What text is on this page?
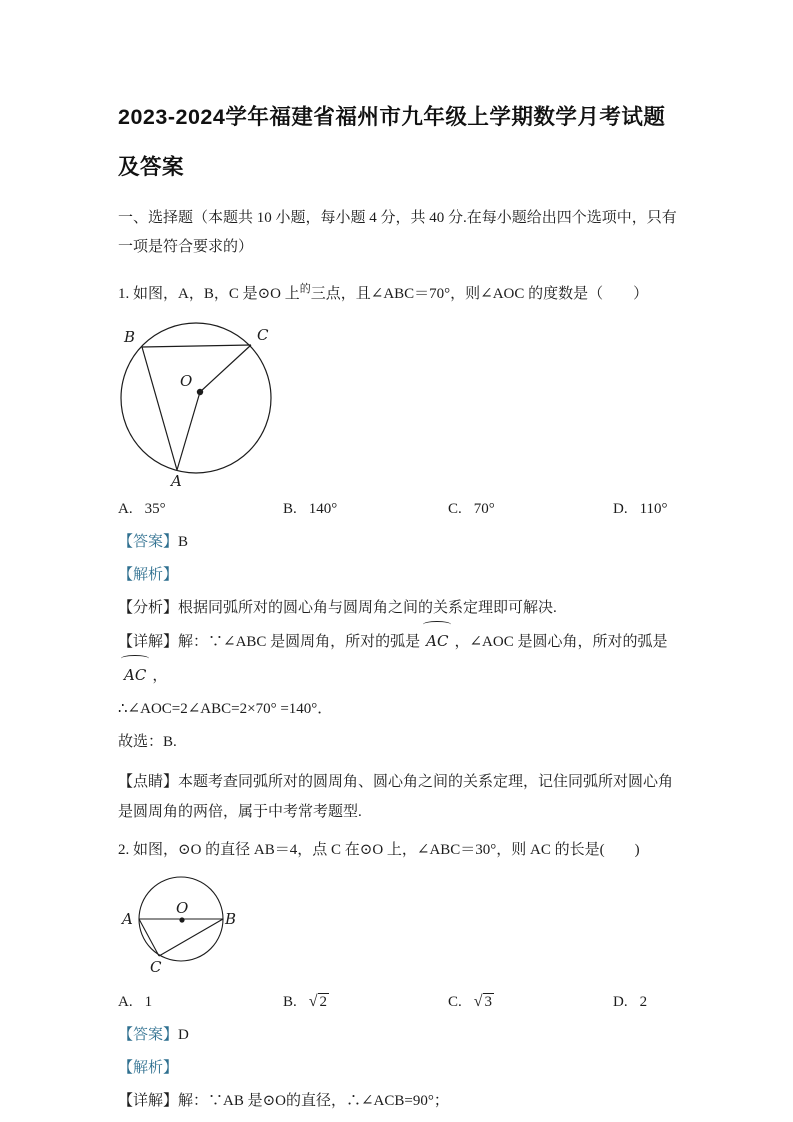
2023-2024学年福建省福州市九年级上学期数学月考试题及答案

一、选择题（本题共 10 小题，每小题 4 分，共 40 分.在每小题给出四个选项中，只有一项是符合要求的）

1. 如图，A，B，C 是⊙O 上$^的$三点，且∠ABC＝70°，则∠AOC 的度数是（　　）

B	C
O
A
A. 35°	B. 140°	C. 70°	D. 110°

【答案】B

【解析】

【分析】根据同弧所对的圆心角与圆周角之间的关系定理即可解决.

【详解】解：∵∠ABC 是圆周角，所对的弧是 AC ，∠AOC 是圆心角，所对的弧是AC ，

∴∠AOC=2∠ABC=2×70° =140°．

故选：B.

【点睛】本题考查同弧所对的圆周角、圆心角之间的关系定理，记住同弧所对圆心角是圆周角的两倍，属于中考常考题型.

2. 如图，⊙O 的直径 AB＝4，点 C 在⊙O 上，∠ABC＝30°，则 AC 的长是(　　)

A
O
B
C
A. 1	B. √ 2	C. √ 3	D. 2

【答案】D

【解析】

【详解】解：∵AB 是⊙O的直径，∴∠ACB=90°；
